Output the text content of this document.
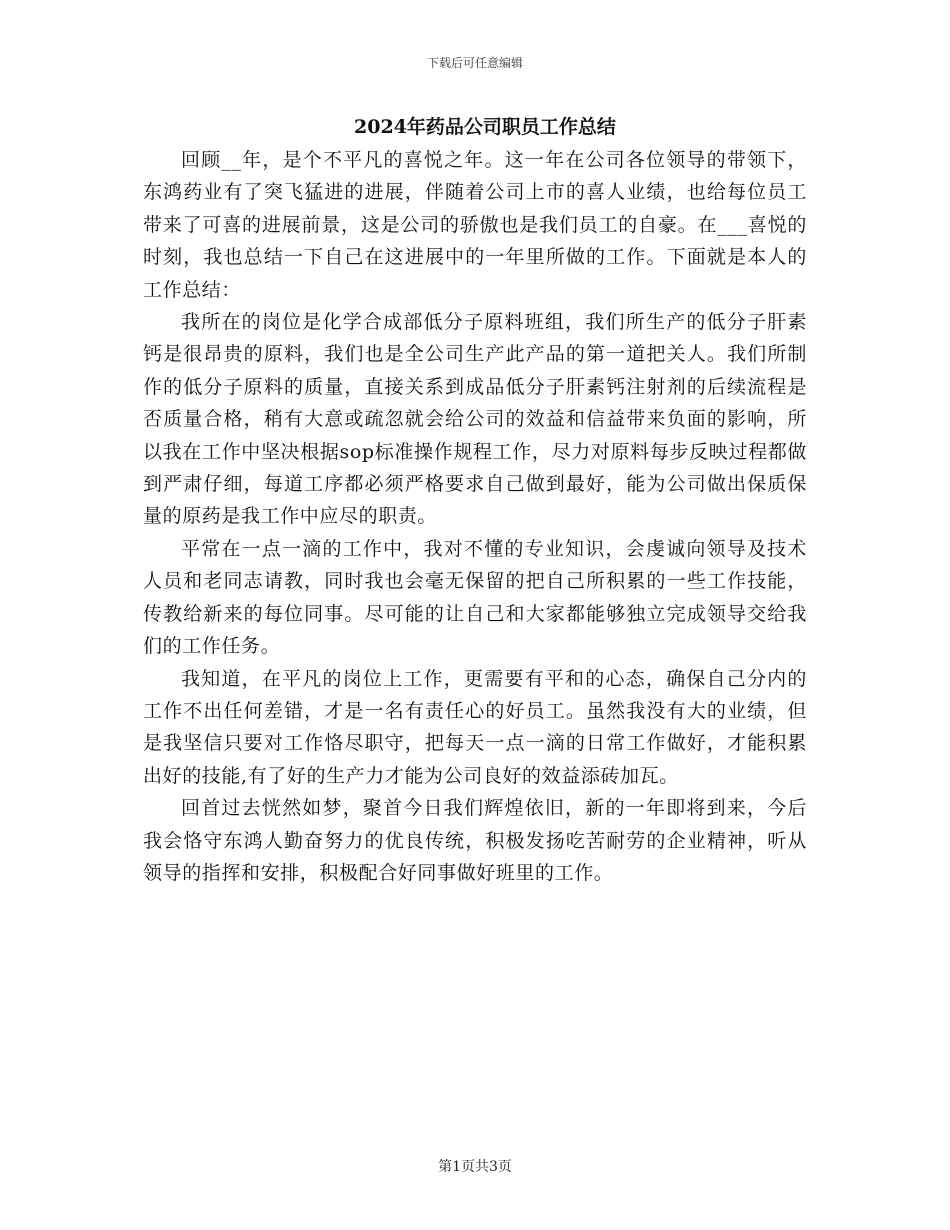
下载后可任意编辑
2024年药品公司职员工作总结

回顾__年，是个不平凡的喜悦之年。这一年在公司各位领导的带领下，东鸿药业有了突飞猛进的进展，伴随着公司上市的喜人业绩，也给每位员工带来了可喜的进展前景，这是公司的骄傲也是我们员工的自豪。在___喜悦的时刻，我也总结一下自己在这进展中的一年里所做的工作。下面就是本人的工作总结：

我所在的岗位是化学合成部低分子原料班组，我们所生产的低分子肝素钙是很昂贵的原料，我们也是全公司生产此产品的第一道把关人。我们所制作的低分子原料的质量，直接关系到成品低分子肝素钙注射剂的后续流程是否质量合格，稍有大意或疏忽就会给公司的效益和信益带来负面的影响，所以我在工作中坚决根据sop标准操作规程工作，尽力对原料每步反映过程都做到严肃仔细，每道工序都必须严格要求自己做到最好，能为公司做出保质保量的原药是我工作中应尽的职责。

平常在一点一滴的工作中，我对不懂的专业知识，会虔诚向领导及技术人员和老同志请教，同时我也会毫无保留的把自己所积累的一些工作技能，传教给新来的每位同事。尽可能的让自己和大家都能够独立完成领导交给我们的工作任务。

我知道，在平凡的岗位上工作，更需要有平和的心态，确保自己分内的工作不出任何差错，才是一名有责任心的好员工。虽然我没有大的业绩，但是我坚信只要对工作恪尽职守，把每天一点一滴的日常工作做好，才能积累出好的技能,有了好的生产力才能为公司良好的效益添砖加瓦。

回首过去恍然如梦，聚首今日我们辉煌依旧，新的一年即将到来，今后我会恪守东鸿人勤奋努力的优良传统，积极发扬吃苦耐劳的企业精神，听从领导的指挥和安排，积极配合好同事做好班里的工作。

第1页共3页
